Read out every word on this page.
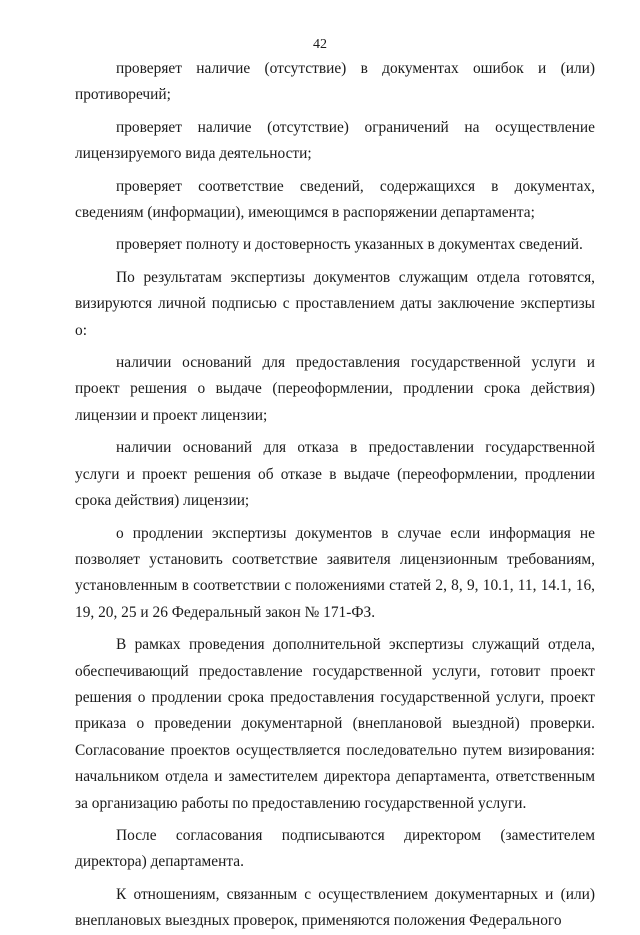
42

проверяет наличие (отсутствие) в документах ошибок и (или) противоречий;

проверяет наличие (отсутствие) ограничений на осуществление лицензируемого вида деятельности;

проверяет соответствие сведений, содержащихся в документах, сведениям (информации), имеющимся в распоряжении департамента;

проверяет полноту и достоверность указанных в документах сведений.

По результатам экспертизы документов служащим отдела готовятся, визируются личной подписью с проставлением даты заключение экспертизы о:

наличии оснований для предоставления государственной услуги и проект решения о выдаче (переоформлении, продлении срока действия) лицензии и проект лицензии;

наличии оснований для отказа в предоставлении государственной услуги и проект решения об отказе в выдаче (переоформлении, продлении срока действия) лицензии;

о продлении экспертизы документов в случае если информация не позволяет установить соответствие заявителя лицензионным требованиям, установленным в соответствии с положениями статей 2, 8, 9, 10.1, 11, 14.1, 16, 19, 20, 25 и 26 Федеральный закон № 171-ФЗ.

В рамках проведения дополнительной экспертизы служащий отдела, обеспечивающий предоставление государственной услуги, готовит проект решения о продлении срока предоставления государственной услуги, проект приказа о проведении документарной (внеплановой выездной) проверки. Согласование проектов осуществляется последовательно путем визирования: начальником отдела и заместителем директора департамента, ответственным за организацию работы по предоставлению государственной услуги.

После согласования подписываются директором (заместителем директора) департамента.

К отношениям, связанным с осуществлением документарных и (или) внеплановых выездных проверок, применяются положения Федерального
